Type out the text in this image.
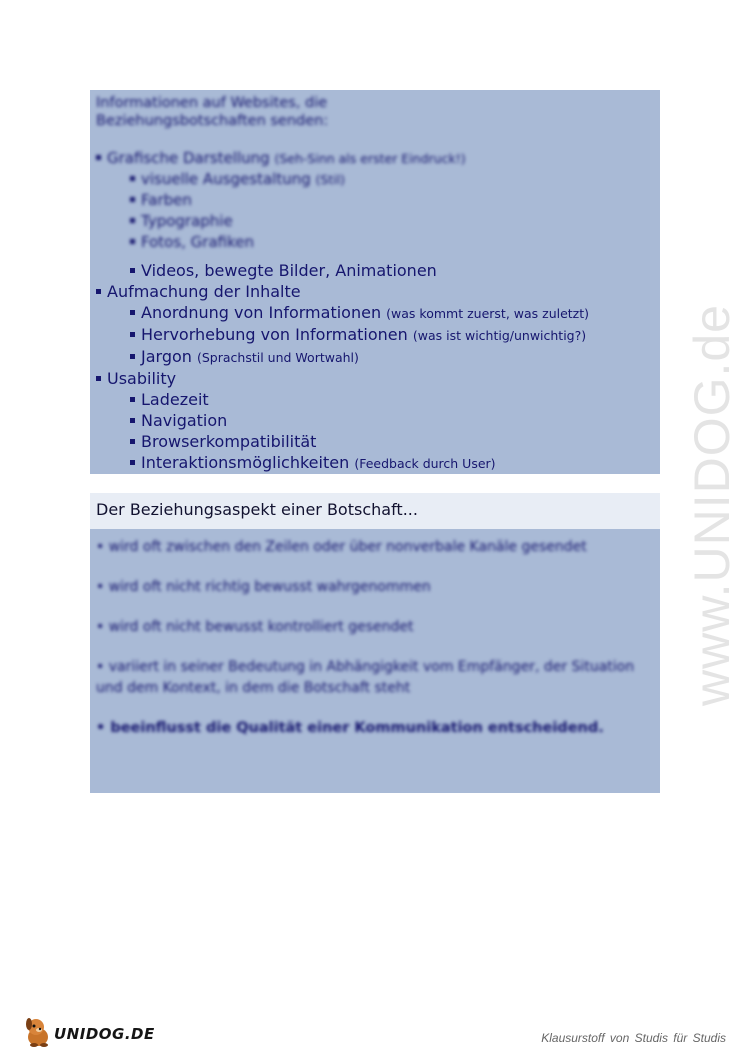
Informationen auf Websites, die
Beziehungsbotschaften senden:
Grafische Darstellung (Seh-Sinn als erster Eindruck!)
visuelle Ausgestaltung (Stil)
Farben
Typographie
Fotos, Grafiken
Videos, bewegte Bilder, Animationen
Aufmachung der Inhalte
Anordnung von Informationen (was kommt zuerst, was zuletzt)
Hervorhebung von Informationen (was ist wichtig/unwichtig?)
Jargon (Sprachstil und Wortwahl)
Usability
Ladezeit
Navigation
Browserkompatibilität
Interaktionsmöglichkeiten (Feedback durch User)
Der Beziehungsaspekt einer Botschaft...
• wird oft zwischen den Zeilen oder über nonverbale Kanäle gesendet
• wird oft nicht richtig bewusst wahrgenommen
• wird oft nicht bewusst kontrolliert gesendet
• variiert in seiner Bedeutung in Abhängigkeit vom Empfänger, der Situation und dem Kontext, in dem die Botschaft steht
• beeinflusst die Qualität einer Kommunikation entscheidend.
www.UNIDOG.de
UNIDOG.DE	Klausurstoff von Studis für Studis
